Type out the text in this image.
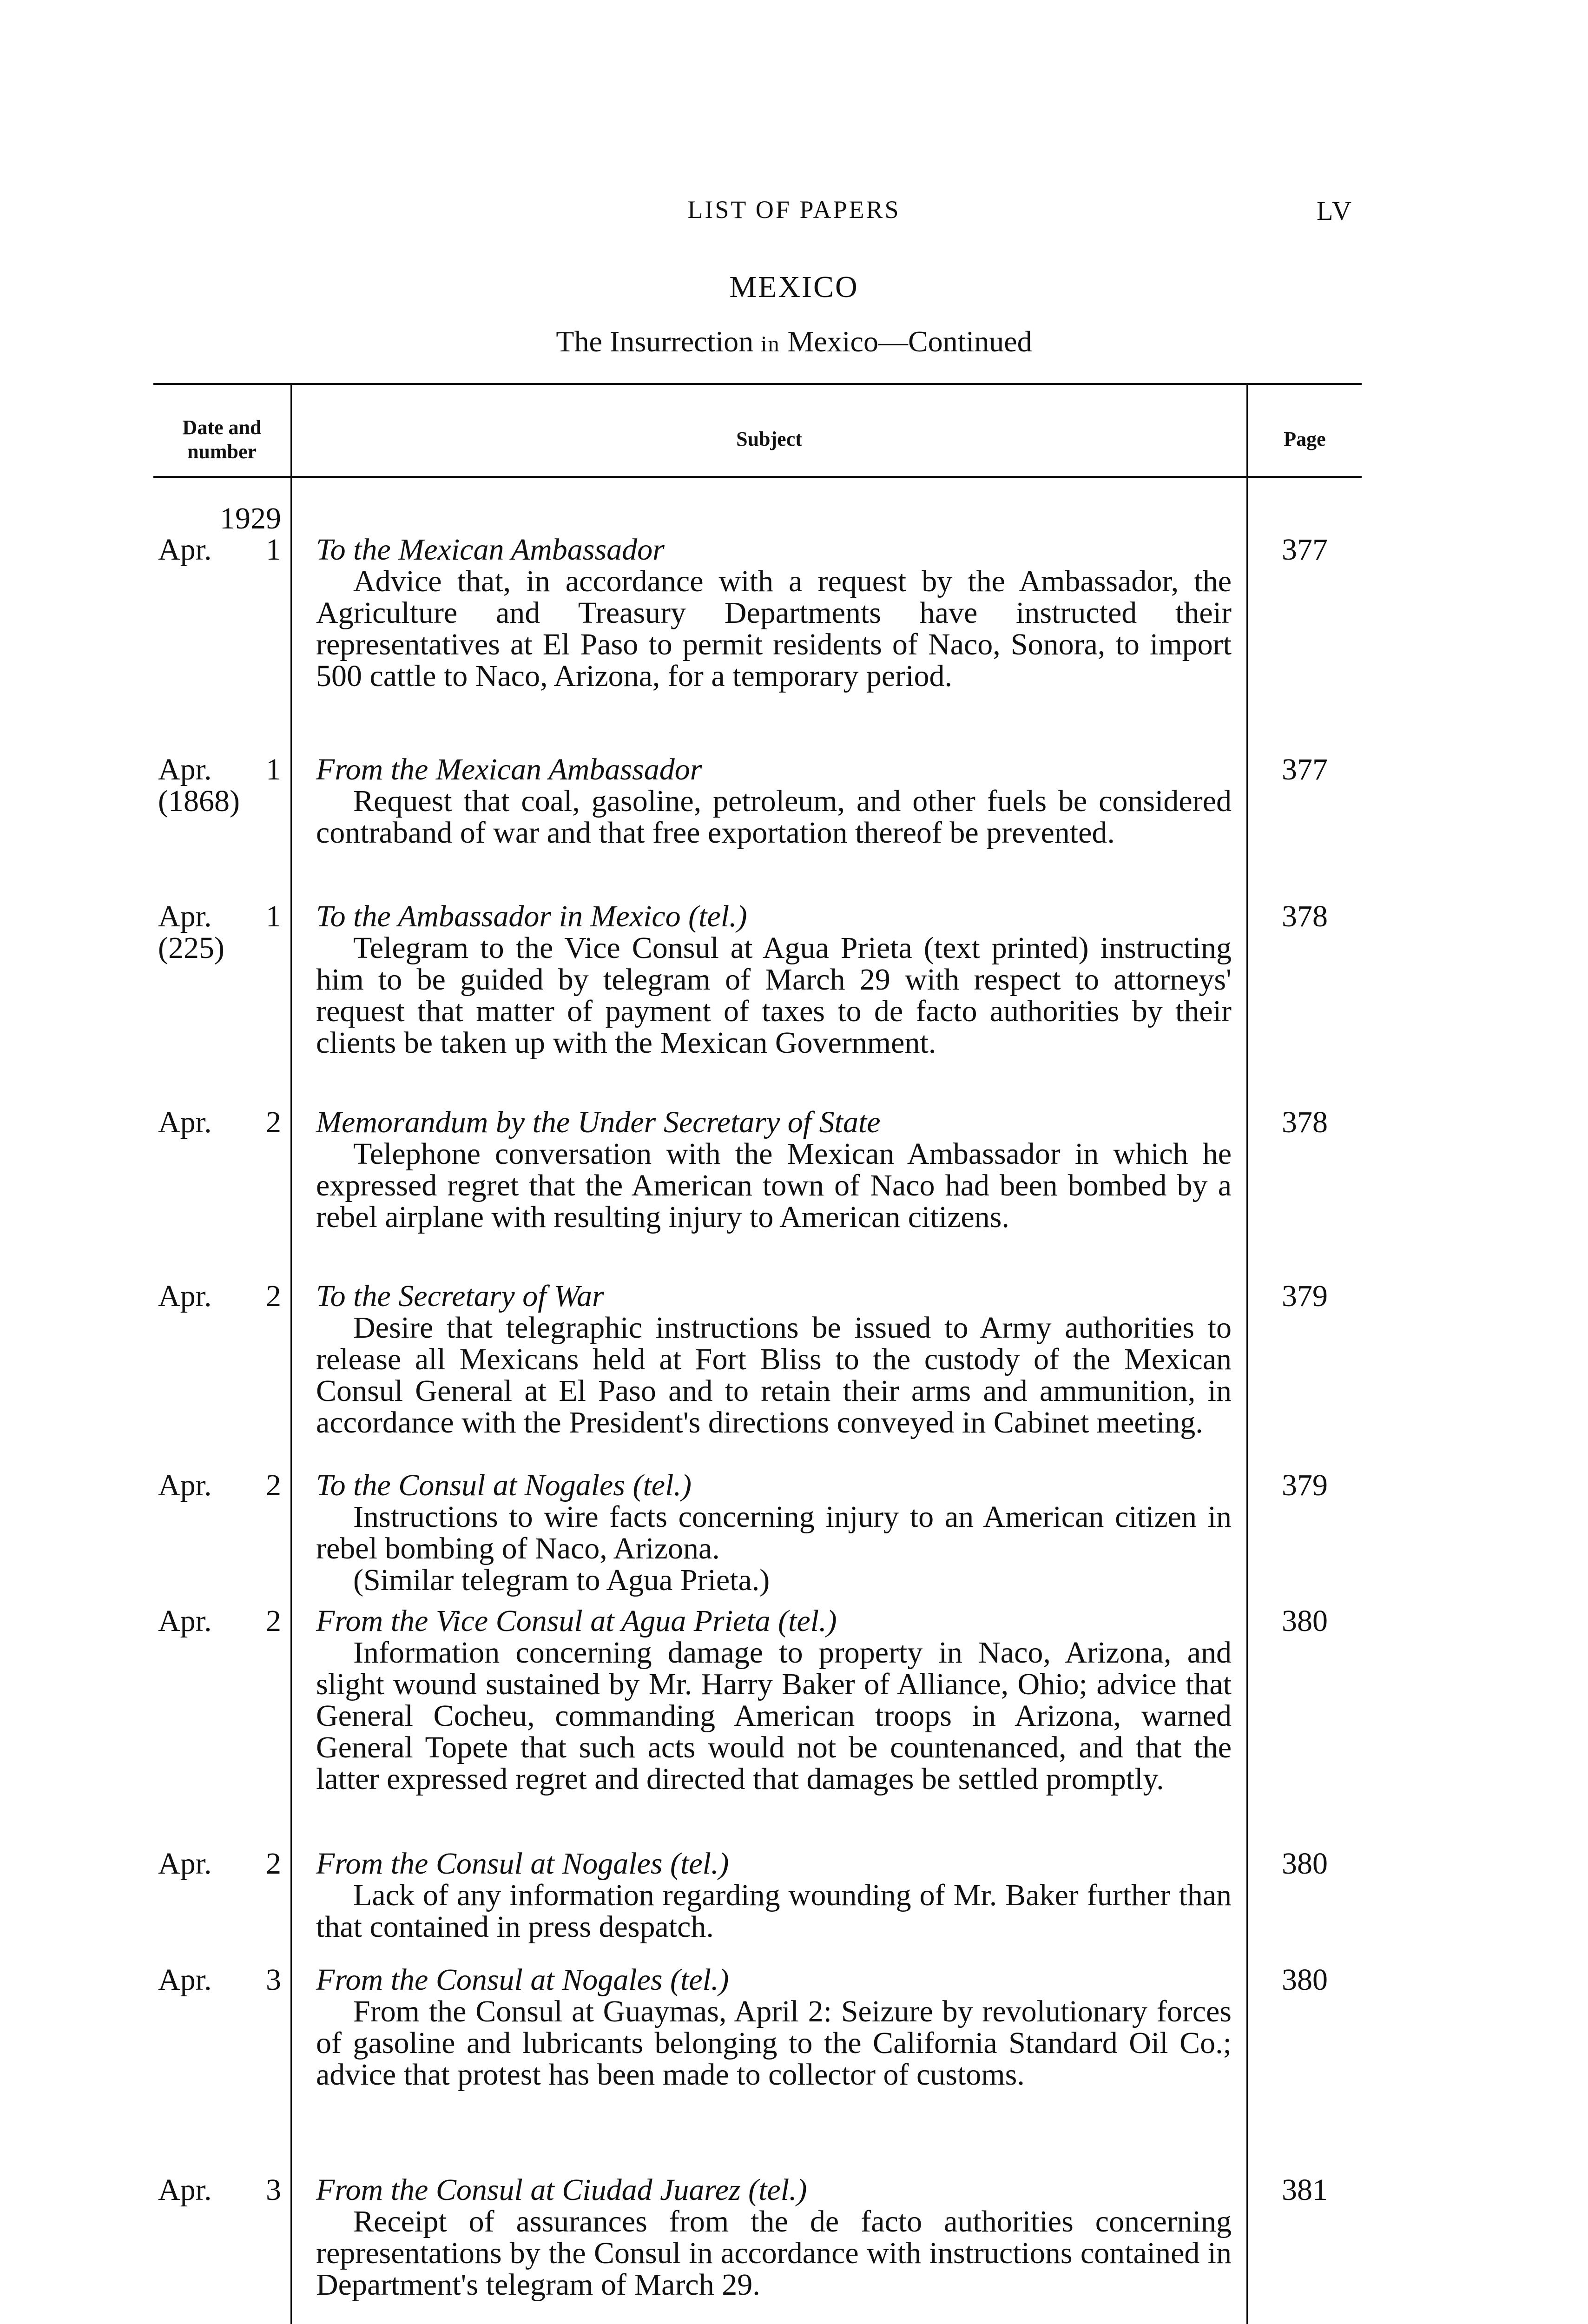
LIST OF PAPERS	LV
MEXICO
The Insurrection in Mexico—Continued
Date and number
Subject	Page
1929
Apr. 1 To the Mexican Ambassador
Advice that, in accordance with a request by the Ambassador, the Agriculture and Treasury Departments have instructed their representatives at El Paso to permit residents of Naco, Sonora, to import 500 cattle to Naco, Arizona, for a temporary period.
377
Apr. 1
(1868)
From the Mexican Ambassador
Request that coal, gasoline, petroleum, and other fuels be considered contraband of war and that free exportation thereof be prevented.
377
Apr. 1
(225)
To the Ambassador in Mexico (tel.)
Telegram to the Vice Consul at Agua Prieta (text printed) instructing him to be guided by telegram of March 29 with respect to attorneys' request that matter of payment of taxes to de facto authorities by their clients be taken up with the Mexican Government.
378
Apr. 2 Memorandum by the Under Secretary of State
Telephone conversation with the Mexican Ambassador in which he expressed regret that the American town of Naco had been bombed by a rebel airplane with resulting injury to American citizens.
378
Apr. 2 To the Secretary of War
Desire that telegraphic instructions be issued to Army authorities to release all Mexicans held at Fort Bliss to the custody of the Mexican Consul General at El Paso and to retain their arms and ammunition, in accordance with the President's directions conveyed in Cabinet meeting.
379
Apr. 2 To the Consul at Nogales (tel.)
Instructions to wire facts concerning injury to an American citizen in rebel bombing of Naco, Arizona.
(Similar telegram to Agua Prieta.)
379
Apr. 2 From the Vice Consul at Agua Prieta (tel.)
Information concerning damage to property in Naco, Arizona, and slight wound sustained by Mr. Harry Baker of Alliance, Ohio; advice that General Cocheu, commanding American troops in Arizona, warned General Topete that such acts would not be countenanced, and that the latter expressed regret and directed that damages be settled promptly.
380
Apr. 2 From the Consul at Nogales (tel.)
Lack of any information regarding wounding of Mr. Baker further than that contained in press despatch.
380
Apr. 3 From the Consul at Nogales (tel.)
From the Consul at Guaymas, April 2: Seizure by revolutionary forces of gasoline and lubricants belonging to the California Standard Oil Co.; advice that protest has been made to collector of customs.
380
Apr. 3 From the Consul at Ciudad Juarez (tel.)
Receipt of assurances from the de facto authorities concerning representations by the Consul in accordance with instructions contained in Department's telegram of March 29.
381
